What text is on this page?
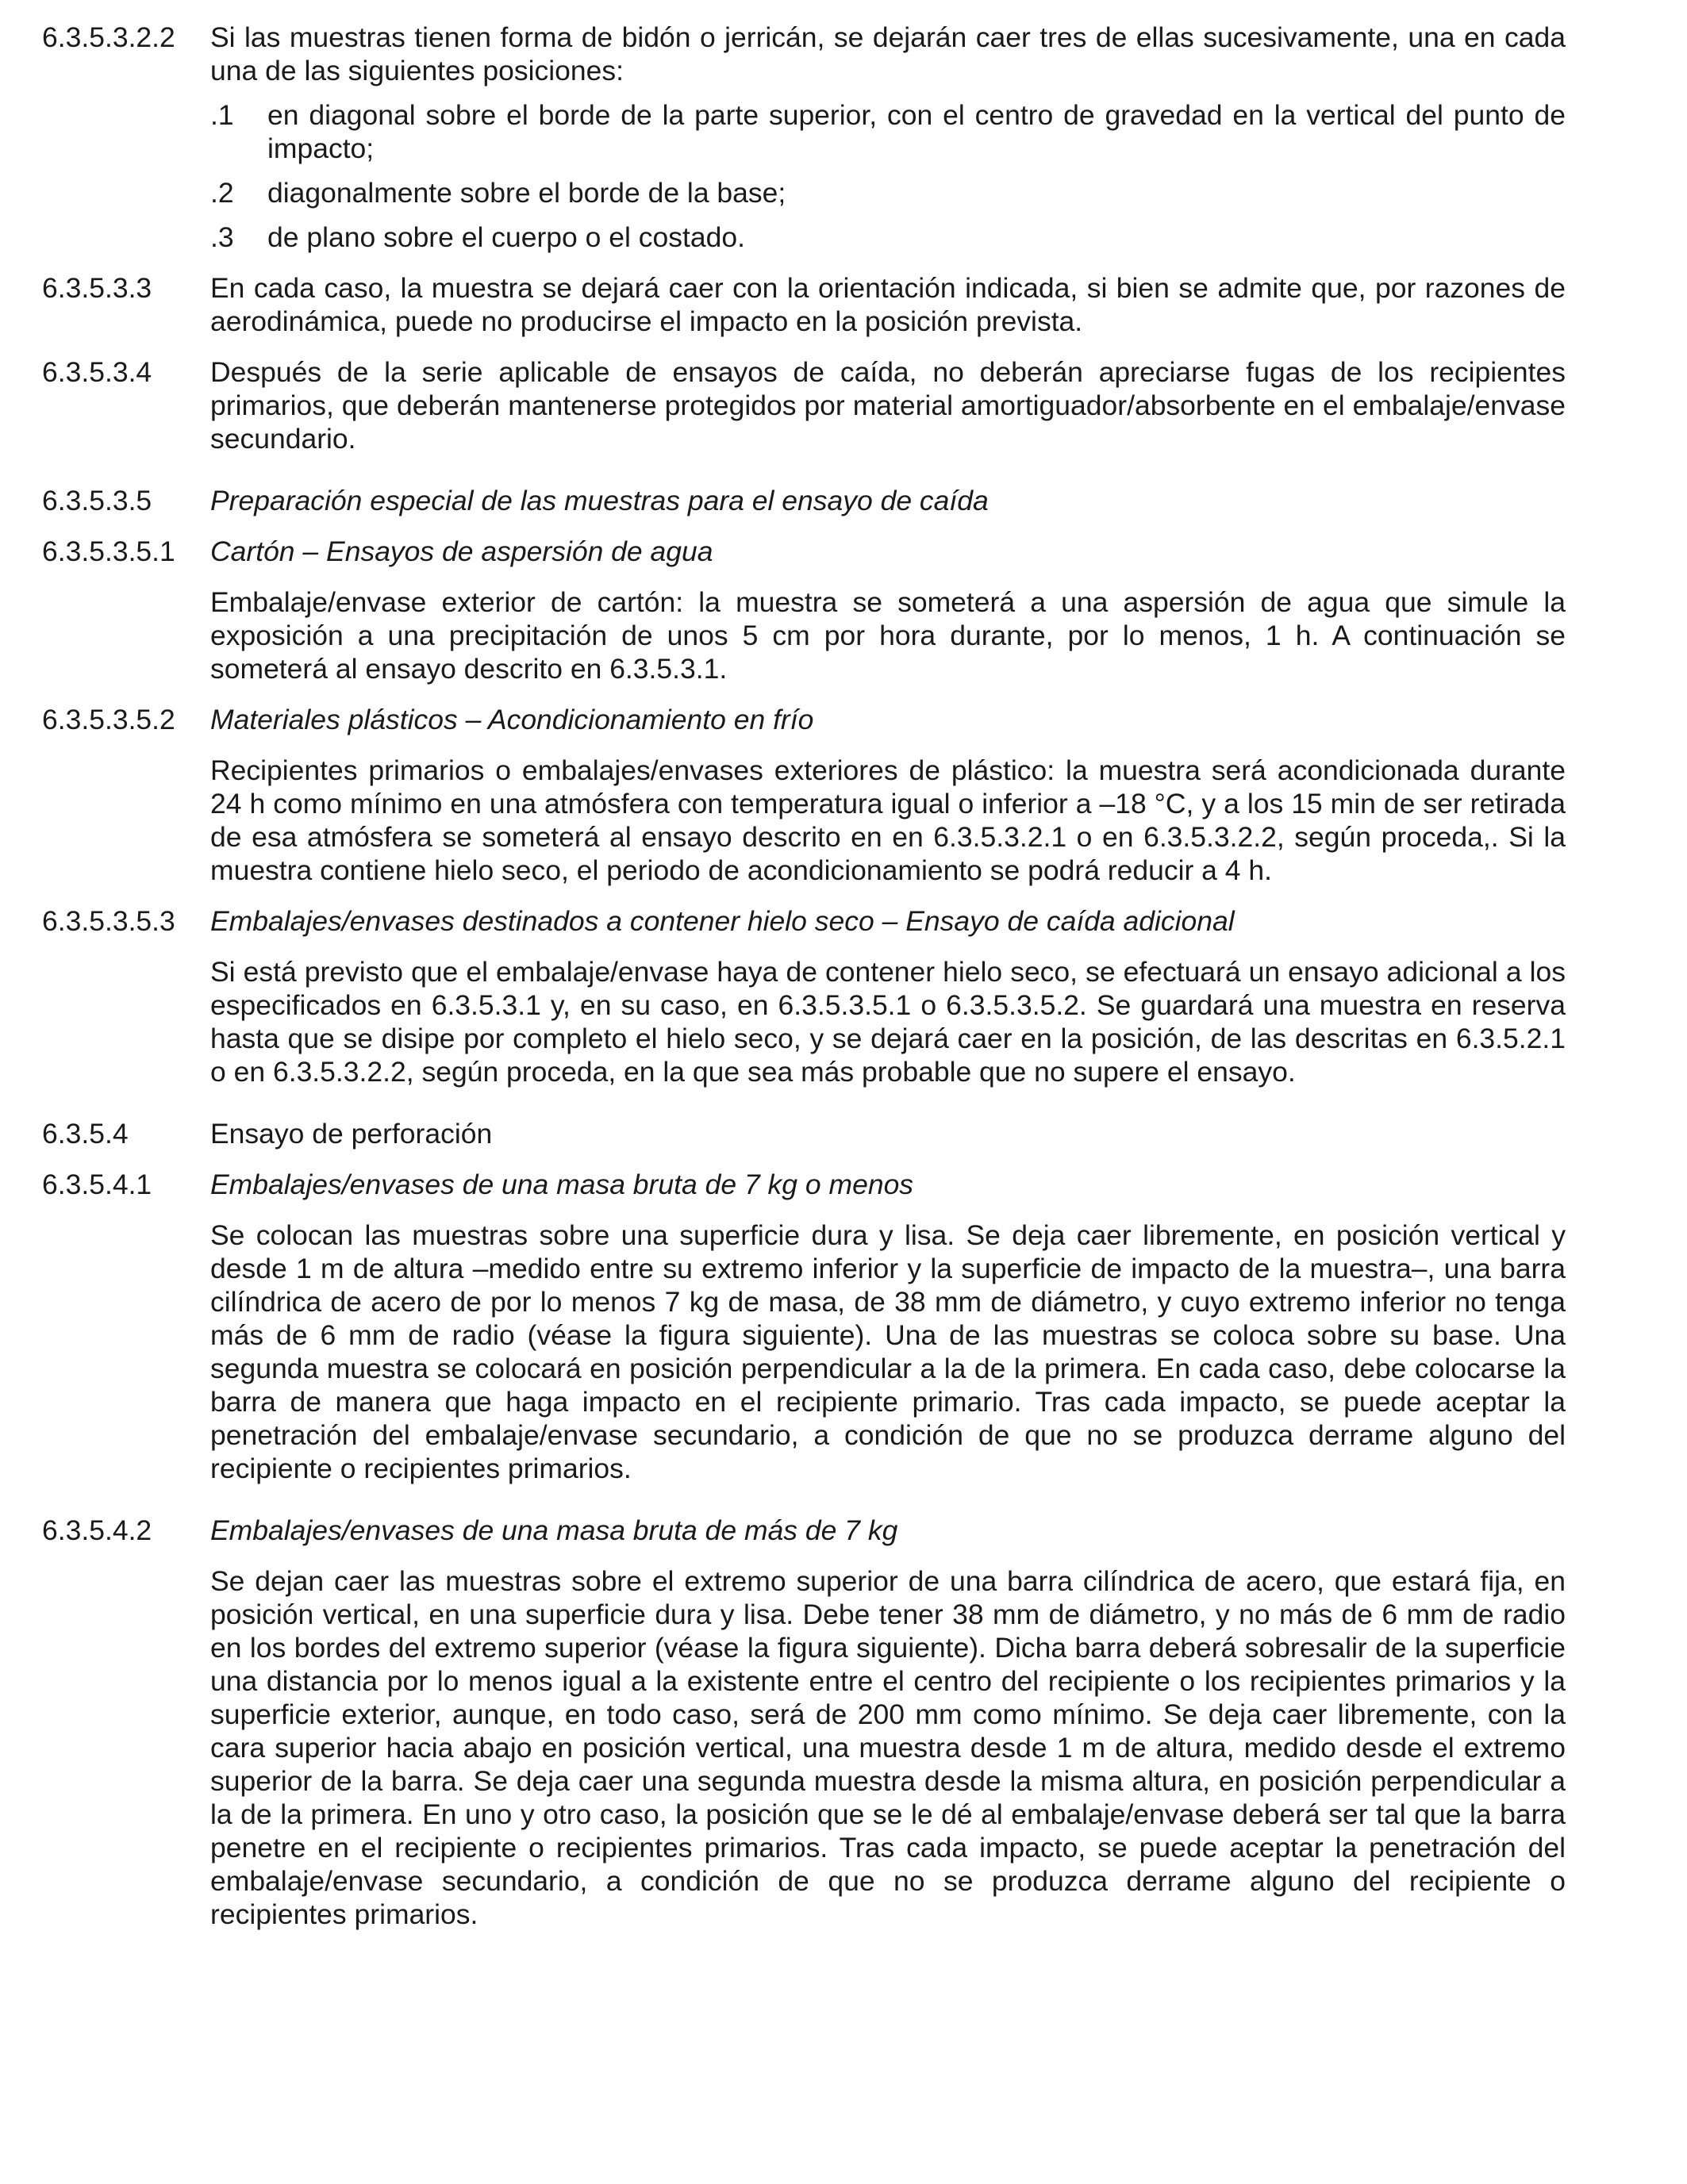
6.3.5.3.2.2	Si las muestras tienen forma de bidón o jerricán, se dejarán caer tres de ellas sucesivamente, una en cada una de las siguientes posiciones:

.1	en diagonal sobre el borde de la parte superior, con el centro de gravedad en la vertical del punto de impacto;
.2	diagonalmente sobre el borde de la base;
.3	de plano sobre el cuerpo o el costado.
6.3.5.3.3	En cada caso, la muestra se dejará caer con la orientación indicada, si bien se admite que, por razones de aerodinámica, puede no producirse el impacto en la posición prevista.

6.3.5.3.4	Después de la serie aplicable de ensayos de caída, no deberán apreciarse fugas de los recipientes primarios, que deberán mantenerse protegidos por material amortiguador/absorbente en el embalaje/envase secundario.

6.3.5.3.5	Preparación especial de las muestras para el ensayo de caída
6.3.5.3.5.1	Cartón – Ensayos de aspersión de agua
Embalaje/envase exterior de cartón: la muestra se someterá a una aspersión de agua que simule la exposición a una precipitación de unos 5 cm por hora durante, por lo menos, 1 h. A continuación se someterá al ensayo descrito en 6.3.5.3.1.
6.3.5.3.5.2	Materiales plásticos – Acondicionamiento en frío
Recipientes primarios o embalajes/envases exteriores de plástico: la muestra será acondicionada durante 24 h como mínimo en una atmósfera con temperatura igual o inferior a –18 °C, y a los 15 min de ser retirada de esa atmósfera se someterá al ensayo descrito en en 6.3.5.3.2.1 o en 6.3.5.3.2.2, según proceda,. Si la muestra contiene hielo seco, el periodo de acondicionamiento se podrá reducir a 4 h.
6.3.5.3.5.3	Embalajes/envases destinados a contener hielo seco – Ensayo de caída adicional
Si está previsto que el embalaje/envase haya de contener hielo seco, se efectuará un ensayo adicional a los especificados en 6.3.5.3.1 y, en su caso, en 6.3.5.3.5.1 o 6.3.5.3.5.2. Se guardará una muestra en reserva hasta que se disipe por completo el hielo seco, y se dejará caer en la posición, de las descritas en 6.3.5.2.1 o en 6.3.5.3.2.2, según proceda, en la que sea más probable que no supere el ensayo.
6.3.5.4	Ensayo de perforación
6.3.5.4.1	Embalajes/envases de una masa bruta de 7 kg o menos
Se colocan las muestras sobre una superficie dura y lisa. Se deja caer libremente, en posición vertical y desde 1 m de altura –medido entre su extremo inferior y la superficie de impacto de la muestra–, una barra cilíndrica de acero de por lo menos 7 kg de masa, de 38 mm de diámetro, y cuyo extremo inferior no tenga más de 6 mm de radio (véase la figura siguiente). Una de las muestras se coloca sobre su base. Una segunda muestra se colocará en posición perpendicular a la de la primera. En cada caso, debe colocarse la barra de manera que haga impacto en el recipiente primario. Tras cada impacto, se puede aceptar la penetración del embalaje/envase secundario, a condición de que no se produzca derrame alguno del recipiente o recipientes primarios.
6.3.5.4.2	Embalajes/envases de una masa bruta de más de 7 kg
Se dejan caer las muestras sobre el extremo superior de una barra cilíndrica de acero, que estará fija, en posición vertical, en una superficie dura y lisa. Debe tener 38 mm de diámetro, y no más de 6 mm de radio en los bordes del extremo superior (véase la figura siguiente). Dicha barra deberá sobresalir de la superficie una distancia por lo menos igual a la existente entre el centro del recipiente o los recipientes primarios y la superficie exterior, aunque, en todo caso, será de 200 mm como mínimo. Se deja caer libremente, con la cara superior hacia abajo en posición vertical, una muestra desde 1 m de altura, medido desde el extremo superior de la barra. Se deja caer una segunda muestra desde la misma altura, en posición perpendicular a la de la primera. En uno y otro caso, la posición que se le dé al embalaje/envase deberá ser tal que la barra penetre en el recipiente o recipientes primarios. Tras cada impacto, se puede aceptar la penetración del embalaje/envase secundario, a condición de que no se produzca derrame alguno del recipiente o recipientes primarios.
